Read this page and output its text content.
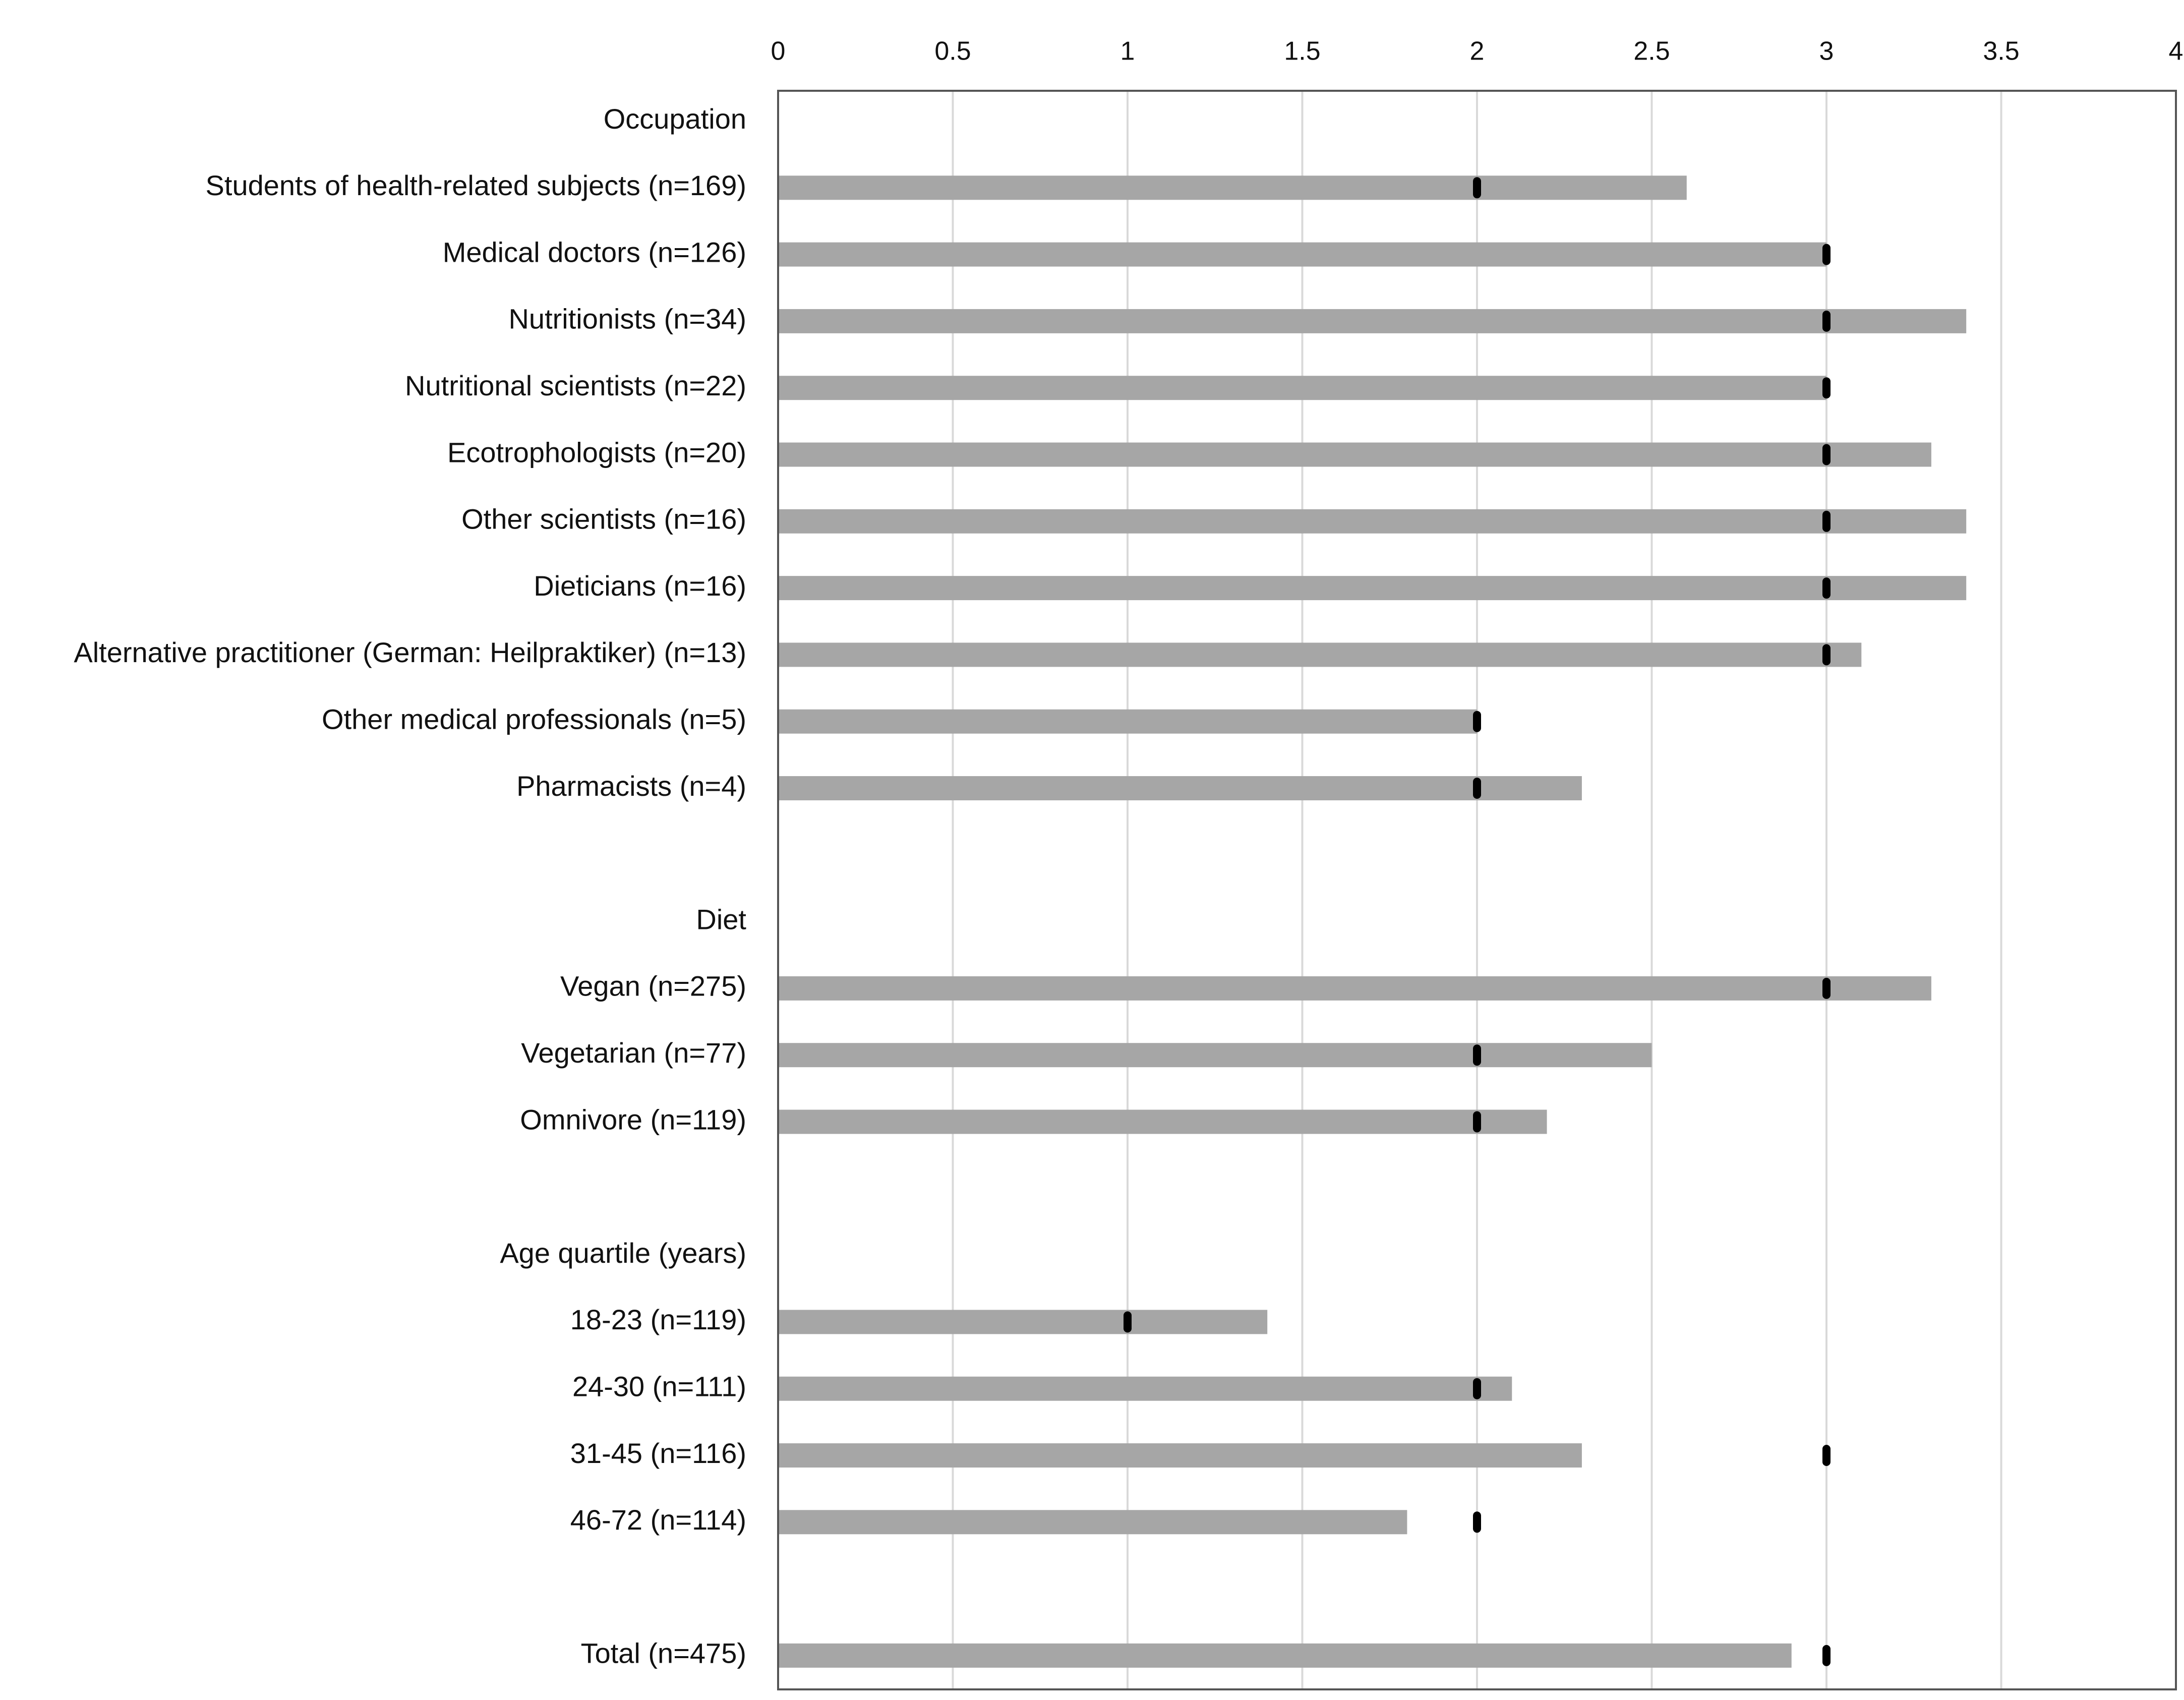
0	0.5	1	1.5	2	2.5	3	3.5	4
Occupation
Students of health-related subjects (n=169)
Medical doctors (n=126)
Nutritionists (n=34)
Nutritional scientists (n=22)
Ecotrophologists (n=20)
Other scientists (n=16)
Dieticians (n=16)
Alternative practitioner (German: Heilpraktiker) (n=13)
Other medical professionals (n=5)
Pharmacists (n=4)
Diet
Vegan (n=275)
Vegetarian (n=77)
Omnivore (n=119)
Age quartile (years)
18-23 (n=119)
24-30 (n=111)
31-45 (n=116)
46-72 (n=114)
Total (n=475)
